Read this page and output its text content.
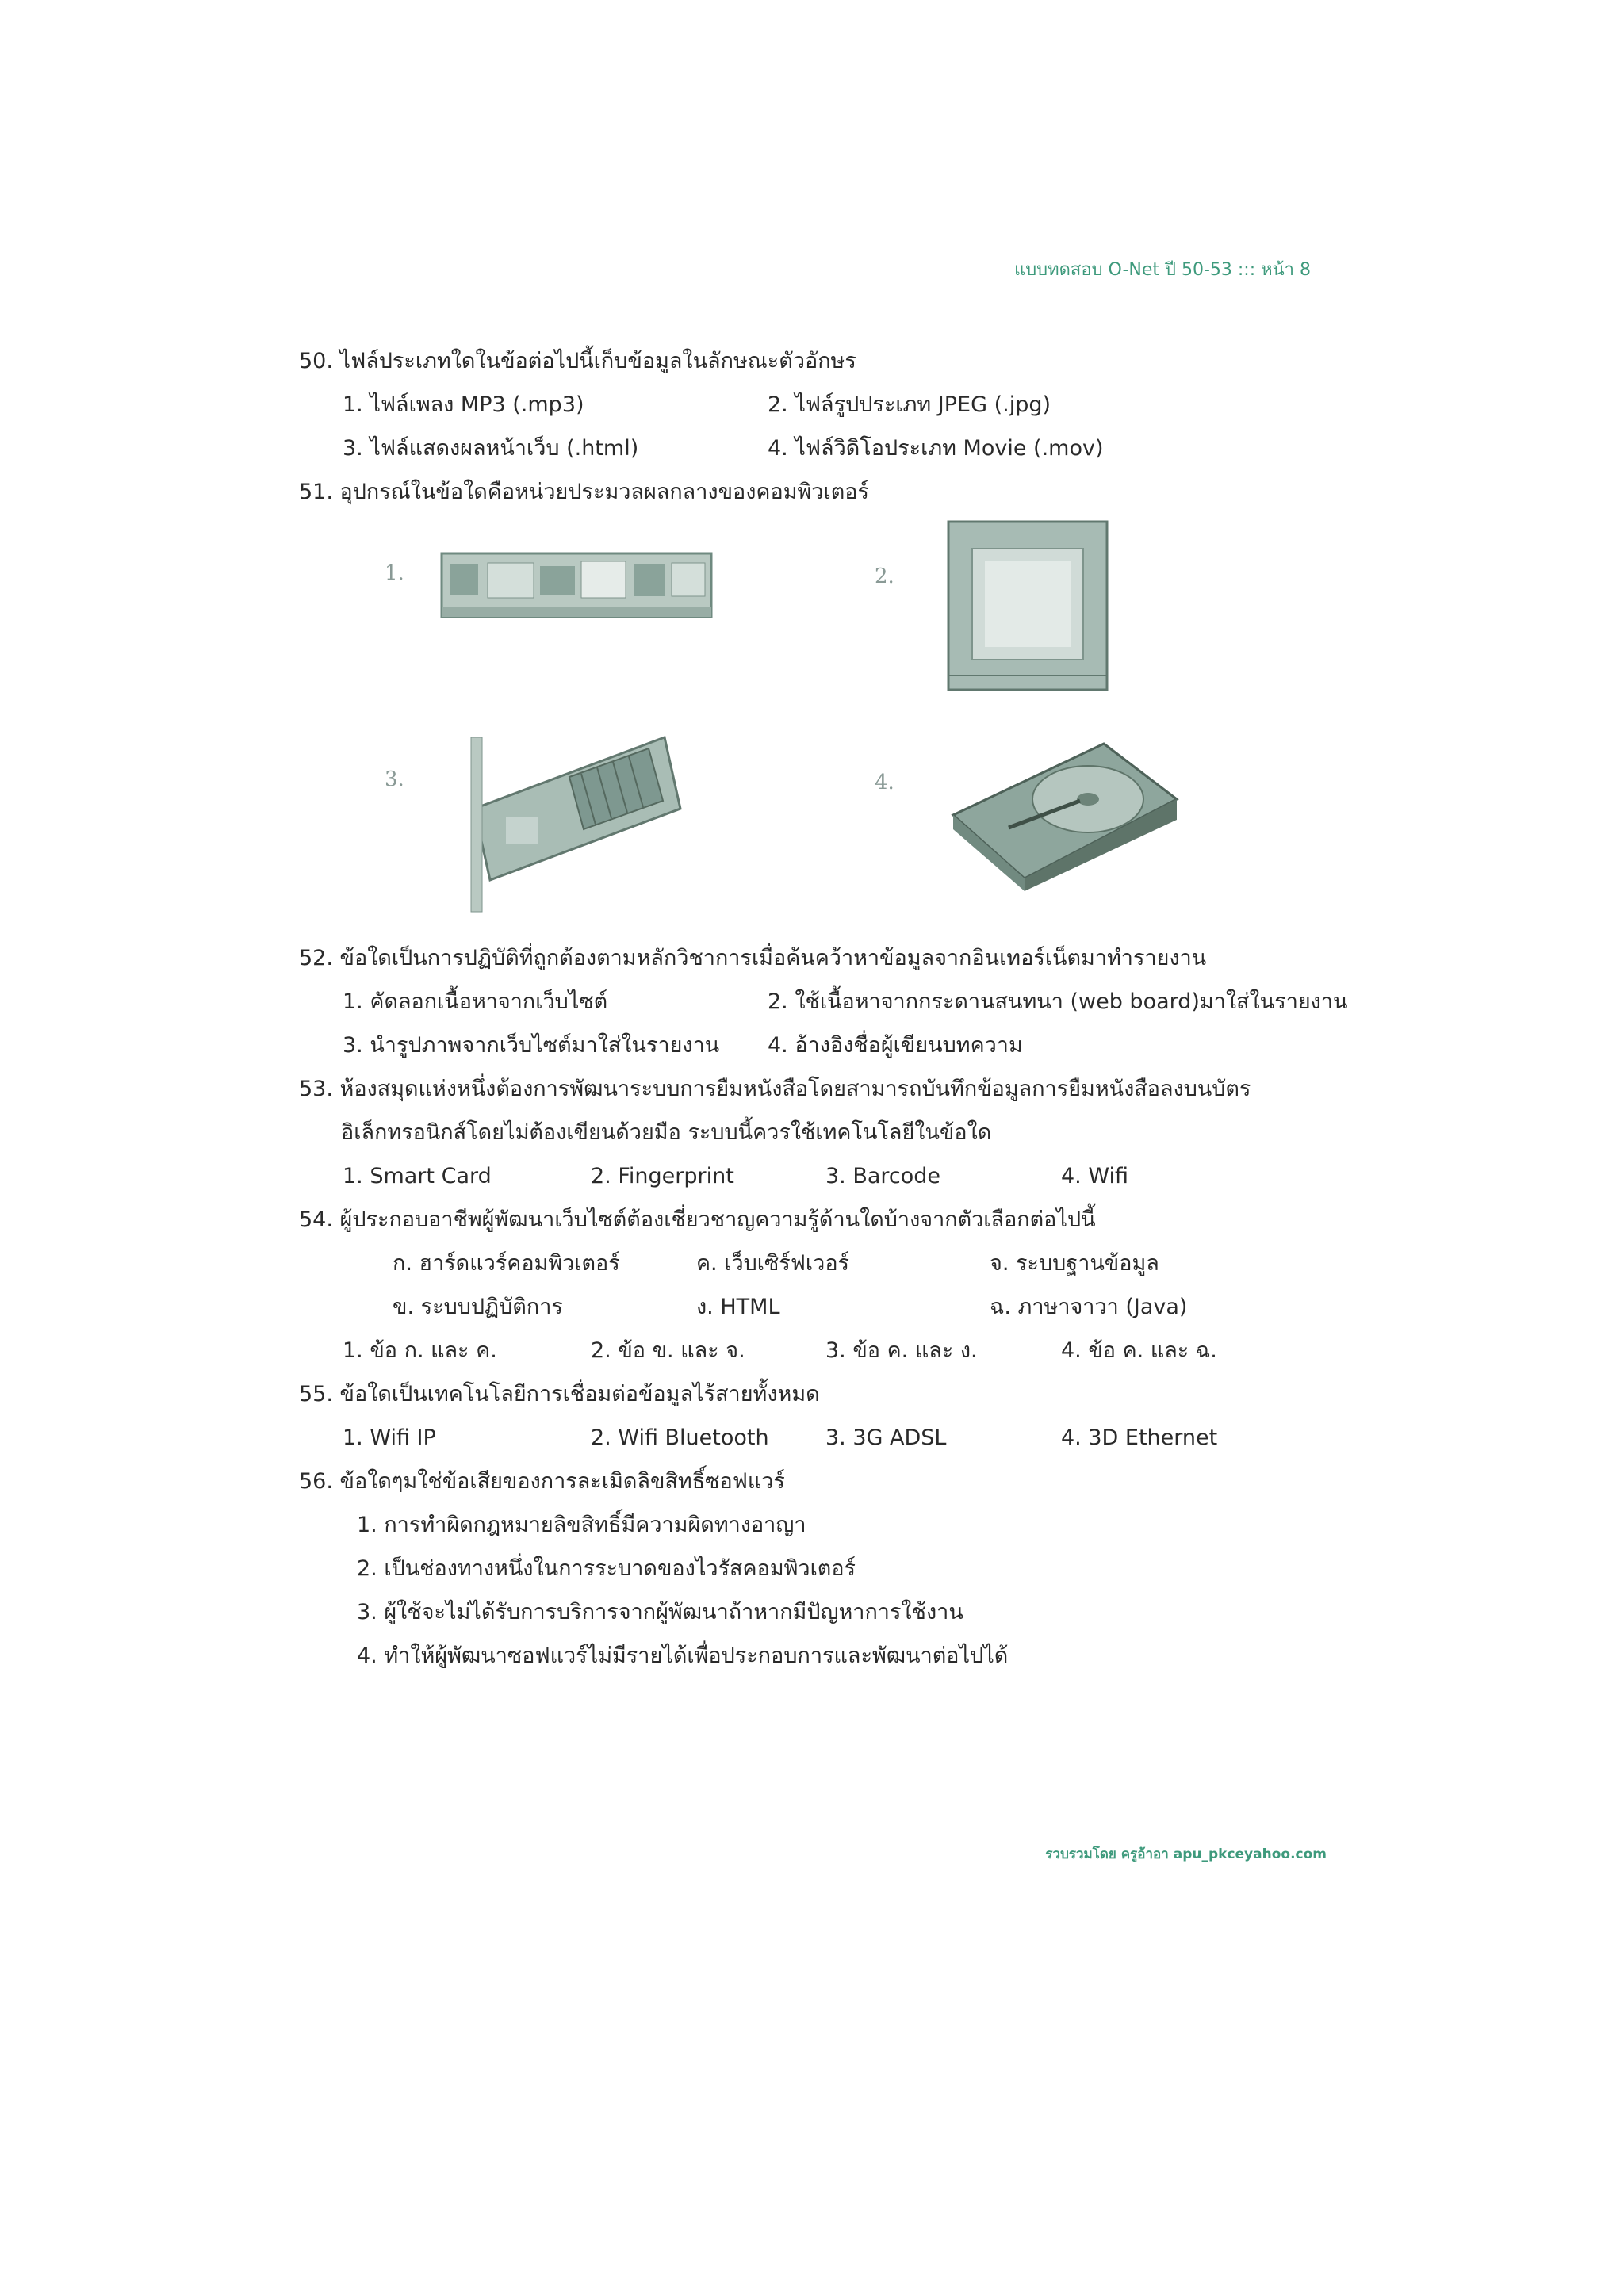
แบบทดสอบ O-Net ปี 50-53 ::: หน้า 8
50. ไฟล์ประเภทใดในข้อต่อไปนี้เก็บข้อมูลในลักษณะตัวอักษร
1. ไฟล์เพลง MP3 (.mp3)	2. ไฟล์รูปประเภท JPEG (.jpg)
3. ไฟล์แสดงผลหน้าเว็บ (.html)	4. ไฟล์วิดิโอประเภท Movie (.mov)
51. อุปกรณ์ในข้อใดคือหน่วยประมวลผลกลางของคอมพิวเตอร์
1.	2.
3.	4.
52. ข้อใดเป็นการปฏิบัติที่ถูกต้องตามหลักวิชาการเมื่อค้นคว้าหาข้อมูลจากอินเทอร์เน็ตมาทำรายงาน
1. คัดลอกเนื้อหาจากเว็บไซต์	2. ใช้เนื้อหาจากกระดานสนทนา (web board)มาใส่ในรายงาน
3. นำรูปภาพจากเว็บไซต์มาใส่ในรายงาน 4. อ้างอิงชื่อผู้เขียนบทความ
53. ห้องสมุดแห่งหนึ่งต้องการพัฒนาระบบการยืมหนังสือโดยสามารถบันทึกข้อมูลการยืมหนังสือลงบนบัตร
อิเล็กทรอนิกส์โดยไม่ต้องเขียนด้วยมือ ระบบนี้ควรใช้เทคโนโลยีในข้อใด
1. Smart Card	2. Fingerprint	3. Barcode	4. Wifi
54. ผู้ประกอบอาชีพผู้พัฒนาเว็บไซต์ต้องเชี่ยวชาญความรู้ด้านใดบ้างจากตัวเลือกต่อไปนี้
ก. ฮาร์ดแวร์คอมพิวเตอร์	ค. เว็บเซิร์ฟเวอร์	จ. ระบบฐานข้อมูล
ข. ระบบปฏิบัติการ	ง. HTML	ฉ. ภาษาจาวา (Java)
1. ข้อ ก. และ ค.	2. ข้อ ข. และ จ.	3. ข้อ ค. และ ง.	4. ข้อ ค. และ ฉ.
55. ข้อใดเป็นเทคโนโลยีการเชื่อมต่อข้อมูลไร้สายทั้งหมด
1. Wifi IP	2. Wifi Bluetooth	3. 3G ADSL	4. 3D Ethernet
56. ข้อใดๆมใช่ข้อเสียของการละเมิดลิขสิทธิ์ซอฟแวร์
1. การทำผิดกฎหมายลิขสิทธิ์มีความผิดทางอาญา
2. เป็นช่องทางหนึ่งในการระบาดของไวรัสคอมพิวเตอร์
3. ผู้ใช้จะไม่ได้รับการบริการจากผู้พัฒนาถ้าหากมีปัญหาการใช้งาน
4. ทำให้ผู้พัฒนาซอฟแวร์ไม่มีรายได้เพื่อประกอบการและพัฒนาต่อไปได้
รวบรวมโดย ครูอ้าอา apu_pkceyahoo.com
